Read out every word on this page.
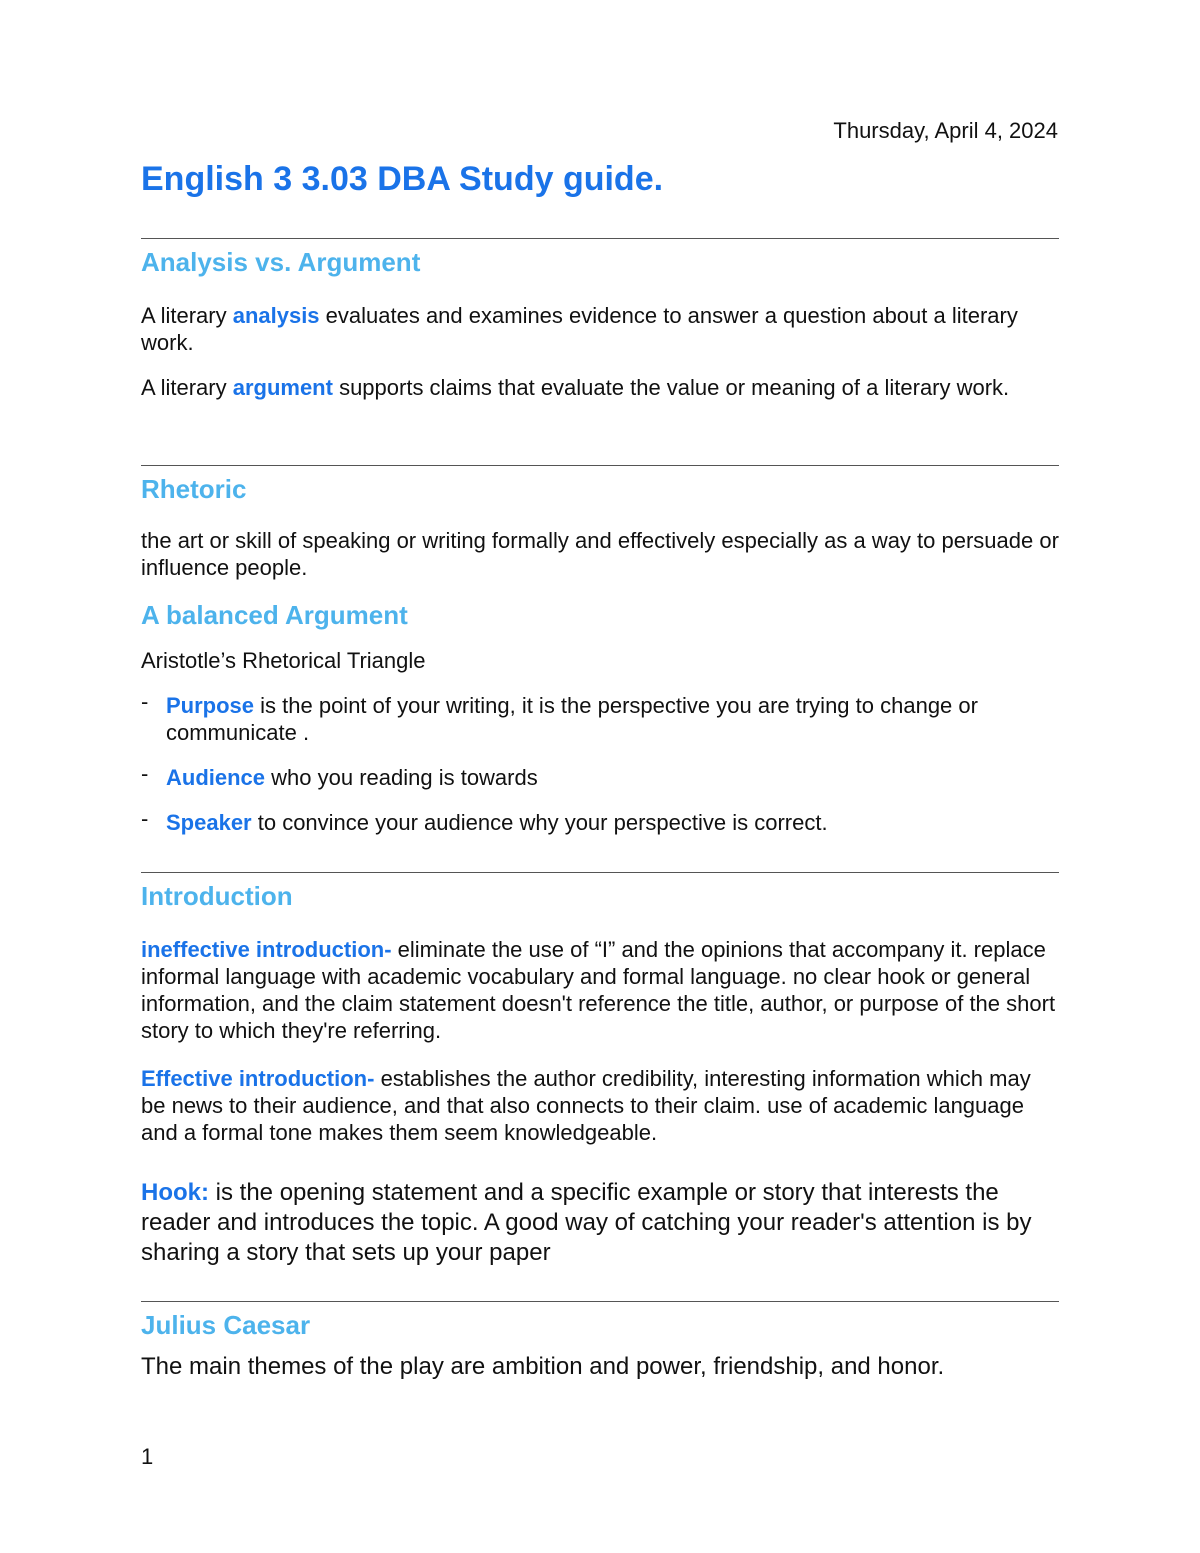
Thursday, April 4, 2024
English 3 3.03 DBA Study guide.
Analysis vs. Argument

A literary analysis evaluates and examines evidence to answer a question about a literary work.

A literary argument supports claims that evaluate the value or meaning of a literary work.

Rhetoric

the art or skill of speaking or writing formally and effectively especially as a way to persuade or influence people.

A balanced Argument

Aristotle’s Rhetorical Triangle

- Purpose is the point of your writing, it is the perspective you are trying to change or communicate .
- Audience who you reading is towards
- Speaker to convince your audience why your perspective is correct.
Introduction

ineffective introduction- eliminate the use of “I” and the opinions that accompany it. replace informal language with academic vocabulary and formal language. no clear hook or general information, and the claim statement doesn't reference the title, author, or purpose of the short story to which they're referring.

Effective introduction- establishes the author credibility, interesting information which may be news to their audience, and that also connects to their claim. use of academic language and a formal tone makes them seem knowledgeable.

Hook: is the opening statement and a specific example or story that interests the reader and introduces the topic. A good way of catching your reader's attention is by sharing a story that sets up your paper

Julius Caesar

The main themes of the play are ambition and power, friendship, and honor.

1
